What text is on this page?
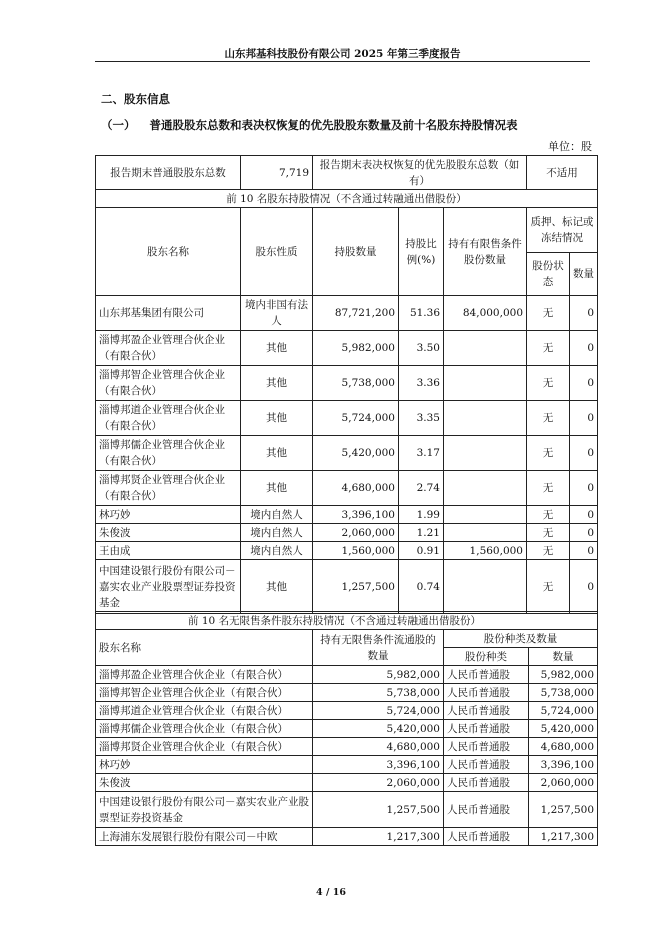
山东邦基科技股份有限公司 2025 年第三季度报告
二、股东信息
（一） 普通股股东总数和表决权恢复的优先股股东数量及前十名股东持股情况表
单位：股
报告期末普通股股东总数	7,719	报告期末表决权恢复的优先股股东总数（如有）	不适用
前 10 名股东持股情况（不含通过转融通出借股份）						
股东名称	股东性质	持股数量	持股比例(%)	持有有限售条件股份数量	质押、标记或冻结情况	
					股份状态	数量
山东邦基集团有限公司	境内非国有法人	87,721,200	51.36	84,000,000	无	0
淄博邦盈企业管理合伙企业（有限合伙）	其他	5,982,000	3.50		无	0
淄博邦智企业管理合伙企业（有限合伙）	其他	5,738,000	3.36		无	0
淄博邦道企业管理合伙企业（有限合伙）	其他	5,724,000	3.35		无	0
淄博邦儒企业管理合伙企业（有限合伙）	其他	5,420,000	3.17		无	0
淄博邦贤企业管理合伙企业（有限合伙）	其他	4,680,000	2.74		无	0
林巧妙	境内自然人	3,396,100	1.99		无	0
朱俊波	境内自然人	2,060,000	1.21		无	0
王由成	境内自然人	1,560,000	0.91	1,560,000	无	0
中国建设银行股份有限公司－嘉实农业产业股票型证券投资基金	其他	1,257,500	0.74		无	0
前 10 名无限售条件股东持股情况（不含通过转融通出借股份）			
股东名称	持有无限售条件流通股的数量	股份种类及数量	
		股份种类	数量
淄博邦盈企业管理合伙企业（有限合伙）	5,982,000	人民币普通股	5,982,000
淄博邦智企业管理合伙企业（有限合伙）	5,738,000	人民币普通股	5,738,000
淄博邦道企业管理合伙企业（有限合伙）	5,724,000	人民币普通股	5,724,000
淄博邦儒企业管理合伙企业（有限合伙）	5,420,000	人民币普通股	5,420,000
淄博邦贤企业管理合伙企业（有限合伙）	4,680,000	人民币普通股	4,680,000
林巧妙	3,396,100	人民币普通股	3,396,100
朱俊波	2,060,000	人民币普通股	2,060,000
中国建设银行股份有限公司－嘉实农业产业股票型证券投资基金	1,257,500	人民币普通股	1,257,500
上海浦东发展银行股份有限公司－中欧	1,217,300	人民币普通股	1,217,300
4 / 16
